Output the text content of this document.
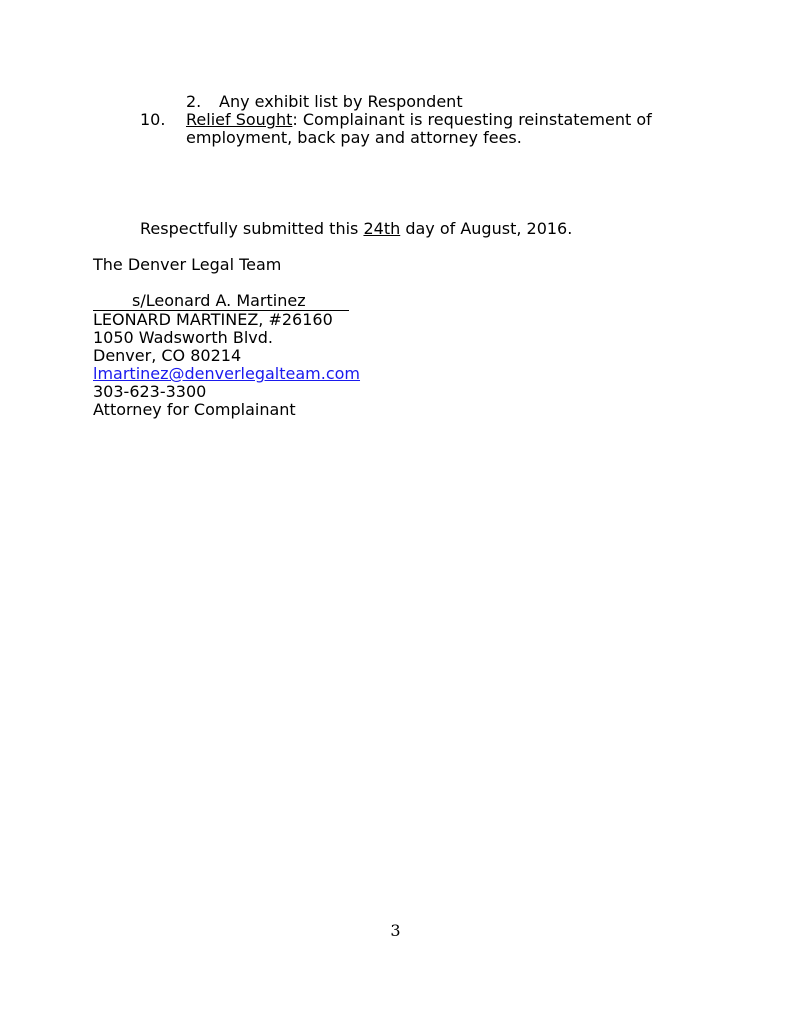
2. Any exhibit list by Respondent
10. Relief Sought: Complainant is requesting reinstatement of
employment, back pay and attorney fees.
Respectfully submitted this 24th day of August, 2016.
The Denver Legal Team
s/Leonard A. Martinez
LEONARD MARTINEZ, #26160
1050 Wadsworth Blvd.
Denver, CO 80214
lmartinez@denverlegalteam.com
303-623-3300
Attorney for Complainant
3
